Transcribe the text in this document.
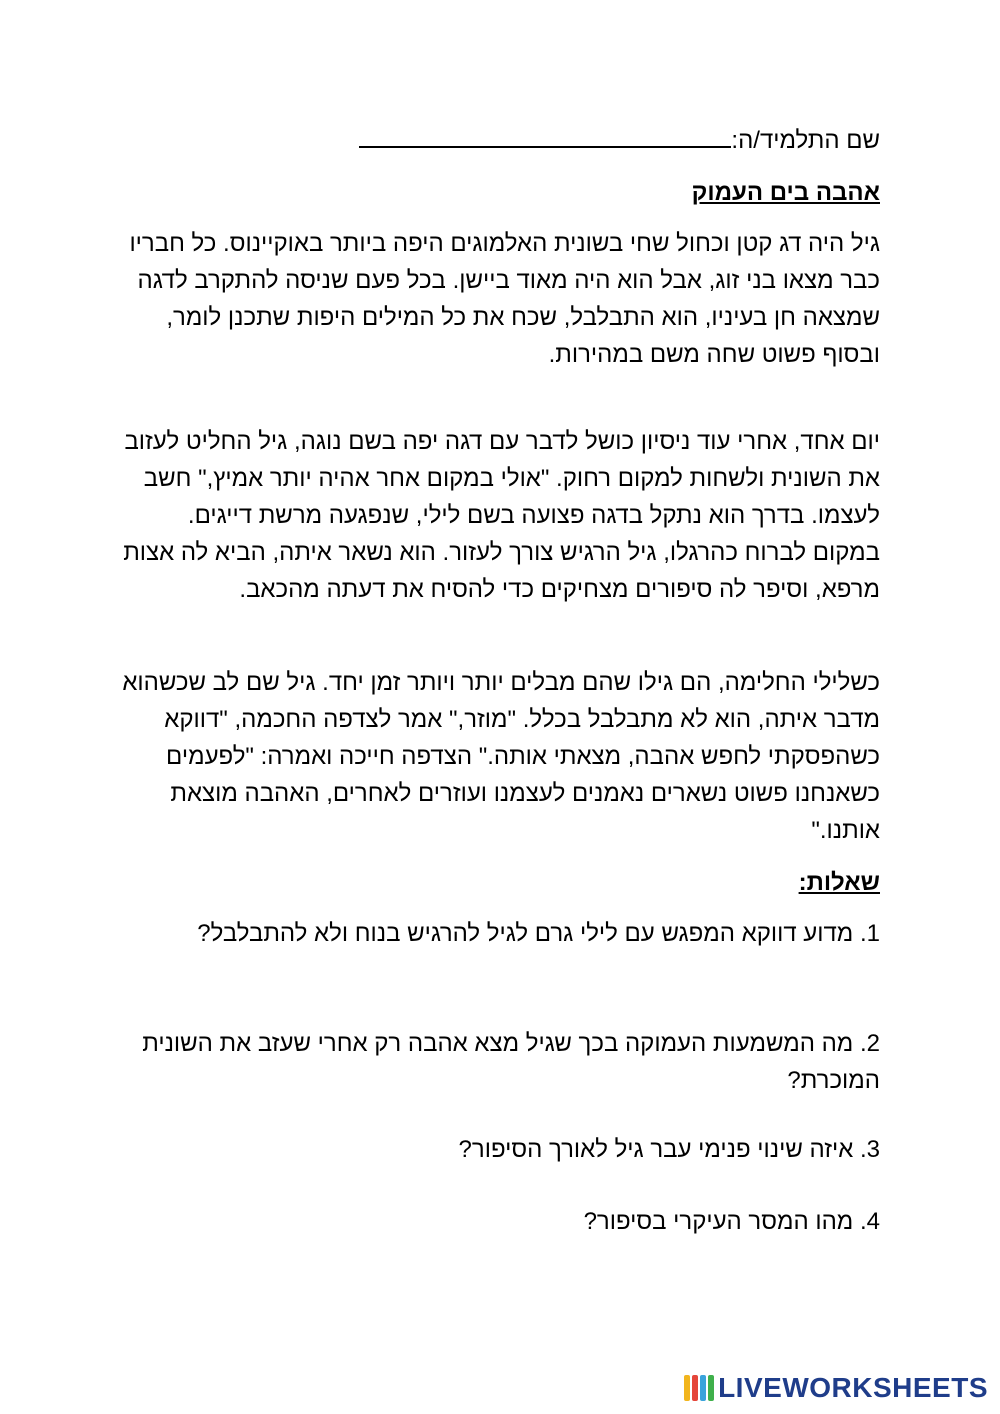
שם התלמיד/ה:
אהבה בים העמוק
גיל היה דג קטן וכחול שחי בשונית האלמוגים היפה ביותר באוקיינוס. כל חבריו כבר מצאו בני זוג, אבל הוא היה מאוד ביישן. בכל פעם שניסה להתקרב לדגה שמצאה חן בעיניו, הוא התבלבל, שכח את כל המילים היפות שתכנן לומר, ובסוף פשוט שחה משם במהירות.
יום אחד, אחרי עוד ניסיון כושל לדבר עם דגה יפה בשם נוגה, גיל החליט לעזוב את השונית ולשחות למקום רחוק. "אולי במקום אחר אהיה יותר אמיץ," חשב לעצמו. בדרך הוא נתקל בדגה פצועה בשם לילי, שנפגעה מרשת דייגים. במקום לברוח כהרגלו, גיל הרגיש צורך לעזור. הוא נשאר איתה, הביא לה אצות מרפא, וסיפר לה סיפורים מצחיקים כדי להסיח את דעתה מהכאב.
כשלילי החלימה, הם גילו שהם מבלים יותר ויותר זמן יחד. גיל שם לב שכשהוא מדבר איתה, הוא לא מתבלבל בכלל. "מוזר," אמר לצדפה החכמה, "דווקא כשהפסקתי לחפש אהבה, מצאתי אותה." הצדפה חייכה ואמרה: "לפעמים כשאנחנו פשוט נשארים נאמנים לעצמנו ועוזרים לאחרים, האהבה מוצאת אותנו."
שאלות:
1. מדוע דווקא המפגש עם לילי גרם לגיל להרגיש בנוח ולא להתבלבל?
2. מה המשמעות העמוקה בכך שגיל מצא אהבה רק אחרי שעזב את השונית המוכרת?
3. איזה שינוי פנימי עבר גיל לאורך הסיפור?
4. מהו המסר העיקרי בסיפור?
LIVEWORKSHEETS
